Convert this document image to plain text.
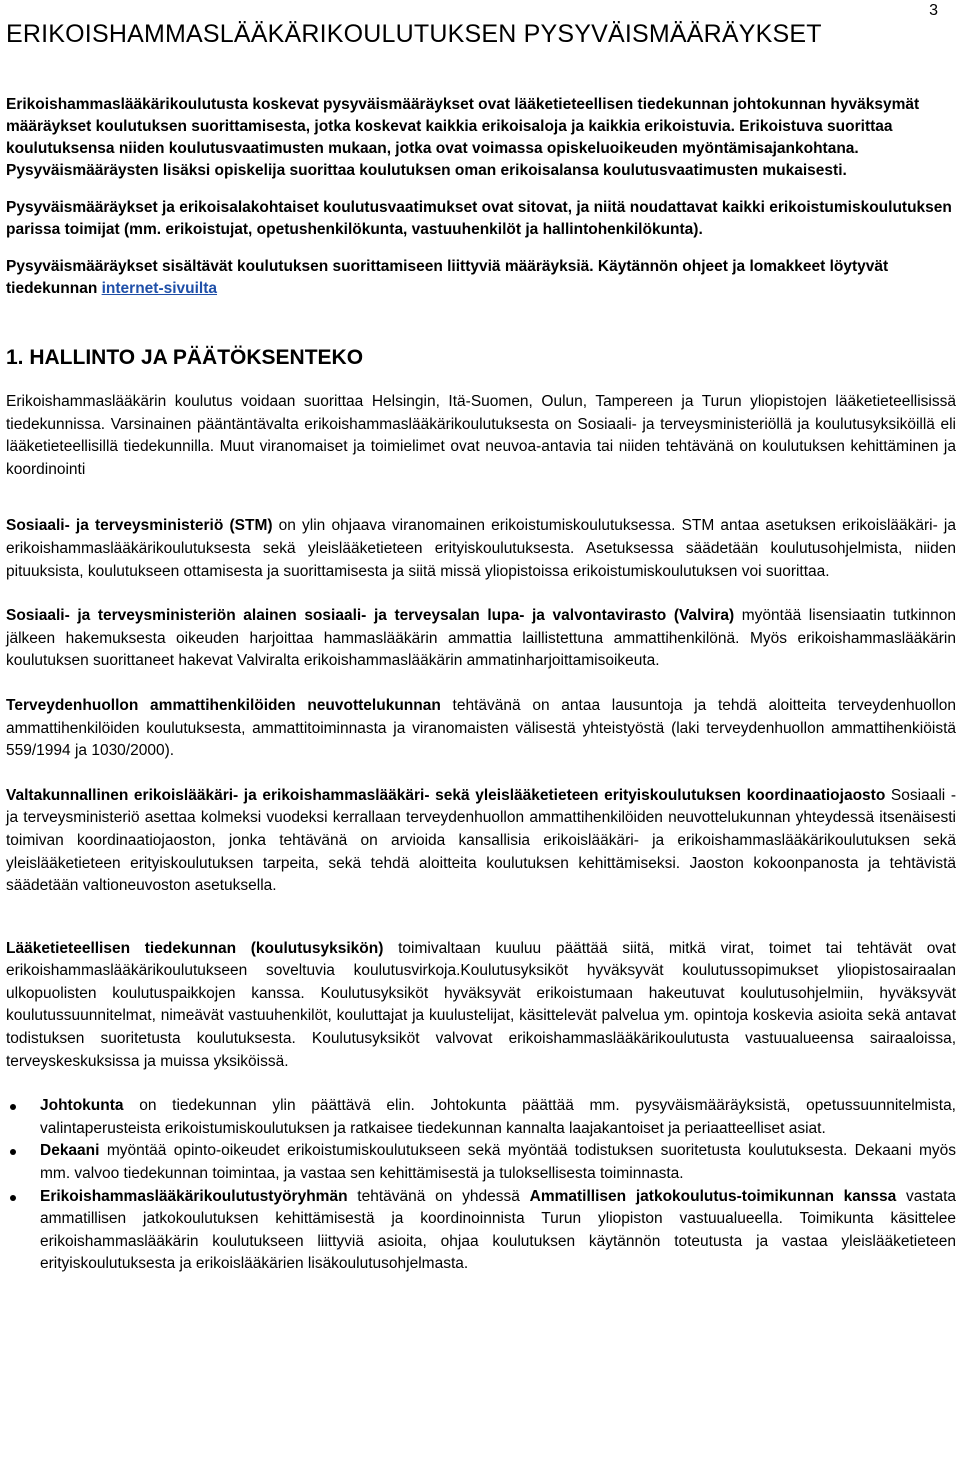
3
ERIKOISHAMMASLÄÄKÄRIKOULUTUKSEN PYSYVÄISMÄÄRÄYKSET

Erikoishammaslääkärikoulutusta koskevat pysyväismääräykset ovat lääketieteellisen tiedekunnan johtokunnan hyväksymät määräykset koulutuksen suorittamisesta, jotka koskevat kaikkia erikoisaloja ja kaikkia erikoistuvia. Erikoistuva suorittaa koulutuksensa niiden koulutusvaatimusten mukaan, jotka ovat voimassa opiskeluoikeuden myöntämisajankohtana. Pysyväismääräysten lisäksi opiskelija suorittaa koulutuksen oman erikoisalansa koulutusvaatimusten mukaisesti.

Pysyväismääräykset ja erikoisalakohtaiset koulutusvaatimukset ovat sitovat, ja niitä noudattavat kaikki erikoistumiskoulutuksen parissa toimijat (mm. erikoistujat, opetushenkilökunta, vastuuhenkilöt ja hallintohenkilökunta).

Pysyväismääräykset sisältävät koulutuksen suorittamiseen liittyviä määräyksiä. Käytännön ohjeet ja lomakkeet löytyvät tiedekunnan internet-sivuilta

1. HALLINTO JA PÄÄTÖKSENTEKO

Erikoishammaslääkärin koulutus voidaan suorittaa Helsingin, Itä-Suomen, Oulun, Tampereen ja Turun yliopistojen lääketieteellisissä tiedekunnissa. Varsinainen pääntäntävalta erikoishammaslääkärikoulutuksesta on Sosiaali- ja terveysministeriöllä ja koulutusyksiköillä eli lääketieteellisillä tiedekunnilla. Muut viranomaiset ja toimielimet ovat neuvoa-antavia tai niiden tehtävänä on koulutuksen kehittäminen ja koordinointi

Sosiaali- ja terveysministeriö (STM) on ylin ohjaava viranomainen erikoistumiskoulutuksessa. STM antaa asetuksen erikoislääkäri- ja erikoishammaslääkärikoulutuksesta sekä yleislääketieteen erityiskoulutuksesta. Asetuksessa säädetään koulutusohjelmista, niiden pituuksista, koulutukseen ottamisesta ja suorittamisesta ja siitä missä yliopistoissa erikoistumiskoulutuksen voi suorittaa.

Sosiaali- ja terveysministeriön alainen sosiaali- ja terveysalan lupa- ja valvontavirasto (Valvira) myöntää lisensiaatin tutkinnon jälkeen hakemuksesta oikeuden harjoittaa hammaslääkärin ammattia laillistettuna ammattihenkilönä. Myös erikoishammaslääkärin koulutuksen suorittaneet hakevat Valviralta erikoishammaslääkärin ammatinharjoittamisoikeuta.

Terveydenhuollon ammattihenkilöiden neuvottelukunnan tehtävänä on antaa lausuntoja ja tehdä aloitteita terveydenhuollon ammattihenkilöiden koulutuksesta, ammattitoiminnasta ja viranomaisten välisestä yhteistyöstä (laki terveydenhuollon ammattihenkiöistä 559/1994 ja 1030/2000).

Valtakunnallinen erikoislääkäri- ja erikoishammaslääkäri- sekä yleislääketieteen erityiskoulutuksen koordinaatiojaosto Sosiaali -ja terveysministeriö asettaa kolmeksi vuodeksi kerrallaan terveydenhuollon ammattihenkilöiden neuvottelukunnan yhteydessä itsenäisesti toimivan koordinaatiojaoston, jonka tehtävänä on arvioida kansallisia erikoislääkäri- ja erikoishammaslääkärikoulutuksen sekä yleislääketieteen erityiskoulutuksen tarpeita, sekä tehdä aloitteita koulutuksen kehittämiseksi. Jaoston kokoonpanosta ja tehtävistä säädetään valtioneuvoston asetuksella.

Lääketieteellisen tiedekunnan (koulutusyksikön) toimivaltaan kuuluu päättää siitä, mitkä virat, toimet tai tehtävät ovat erikoishammaslääkärikoulutukseen soveltuvia koulutusvirkoja.Koulutusyksiköt hyväksyvät koulutussopimukset yliopistosairaalan ulkopuolisten koulutuspaikkojen kanssa. Koulutusyksiköt hyväksyvät erikoistumaan hakeutuvat koulutusohjelmiin, hyväksyvät koulutussuunnitelmat, nimeävät vastuuhenkilöt, kouluttajat ja kuulustelijat, käsittelevät palvelua ym. opintoja koskevia asioita sekä antavat todistuksen suoritetusta koulutuksesta. Koulutusyksiköt valvovat erikoishammaslääkärikoulutusta vastuualueensa sairaaloissa, terveyskeskuksissa ja muissa yksiköissä.

Johtokunta on tiedekunnan ylin päättävä elin. Johtokunta päättää mm. pysyväismääräyksistä, opetussuunnitelmista, valintaperusteista erikoistumiskoulutuksen ja ratkaisee tiedekunnan kannalta laajakantoiset ja periaatteelliset asiat.
Dekaani myöntää opinto-oikeudet erikoistumiskoulutukseen sekä myöntää todistuksen suoritetusta koulutuksesta. Dekaani myös mm. valvoo tiedekunnan toimintaa, ja vastaa sen kehittämisestä ja tuloksellisesta toiminnasta.
Erikoishammaslääkärikoulutustyöryhmän tehtävänä on yhdessä Ammatillisen jatkokoulutus-toimikunnan kanssa vastata ammatillisen jatkokoulutuksen kehittämisestä ja koordinoinnista Turun yliopiston vastuualueella. Toimikunta käsittelee erikoishammaslääkärin koulutukseen liittyviä asioita, ohjaa koulutuksen käytännön toteutusta ja vastaa yleislääketieteen erityiskoulutuksesta ja erikoislääkärien lisäkoulutusohjelmasta.
